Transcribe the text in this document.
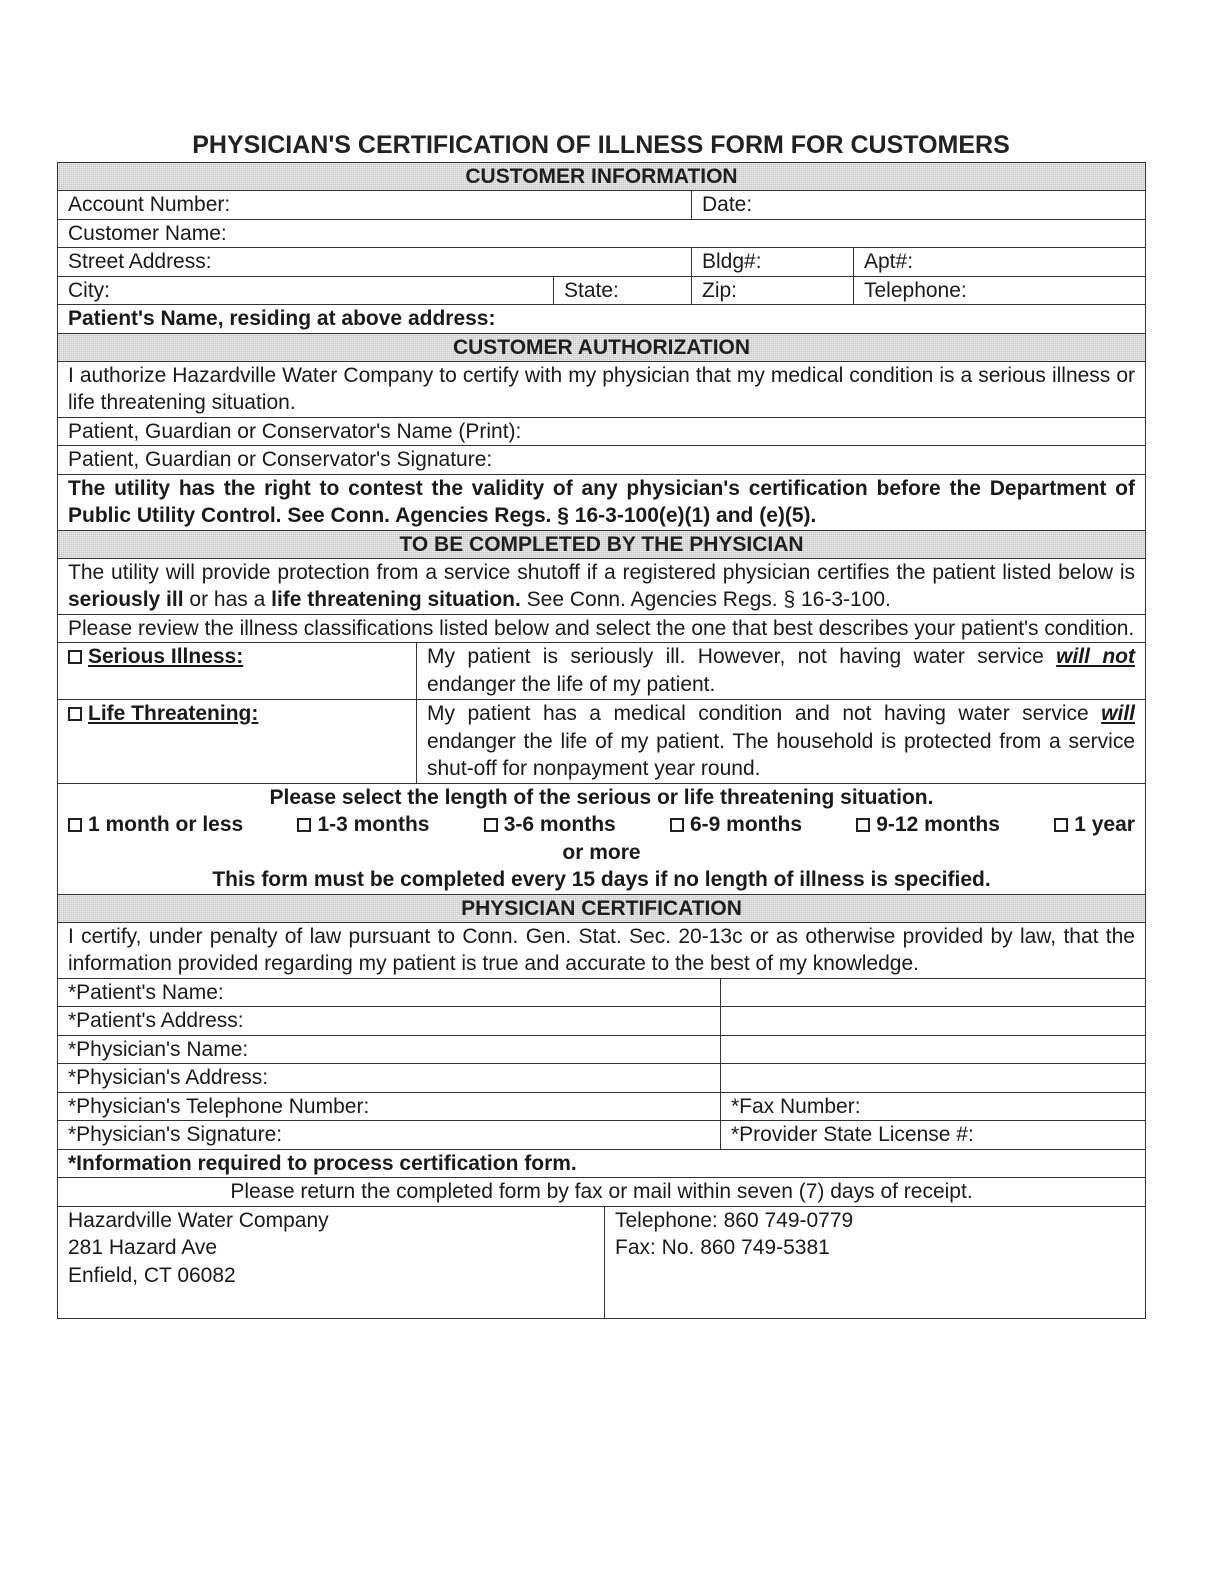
PHYSICIAN'S CERTIFICATION OF ILLNESS FORM FOR CUSTOMERS
CUSTOMER INFORMATION
Account Number:	Date:
Customer Name:
Street Address:	Bldg#:	Apt#:
City:	State:	Zip:	Telephone:
Patient's Name, residing at above address:
CUSTOMER AUTHORIZATION
I authorize Hazardville Water Company to certify with my physician that my medical condition is a serious illness or life threatening situation.
Patient, Guardian or Conservator's Name (Print):
Patient, Guardian or Conservator's Signature:
The utility has the right to contest the validity of any physician's certification before the Department of Public Utility Control. See Conn. Agencies Regs. § 16-3-100(e)(1) and (e)(5).
TO BE COMPLETED BY THE PHYSICIAN
The utility will provide protection from a service shutoff if a registered physician certifies the patient listed below is seriously ill or has a life threatening situation. See Conn. Agencies Regs. § 16-3-100.
Please review the illness classifications listed below and select the one that best describes your patient's condition.
Serious Illness:	My patient is seriously ill. However, not having water service will not endanger the life of my patient.
Life Threatening:	My patient has a medical condition and not having water service will endanger the life of my patient. The household is protected from a service shut-off for nonpayment year round.
Please select the length of the serious or life threatening situation.
1 month or less	1-3 months	3-6 months	6-9 months	9-12 months	1 year
or more
This form must be completed every 15 days if no length of illness is specified.
PHYSICIAN CERTIFICATION
I certify, under penalty of law pursuant to Conn. Gen. Stat. Sec. 20-13c or as otherwise provided by law, that the information provided regarding my patient is true and accurate to the best of my knowledge.
*Patient's Name:
*Patient's Address:
*Physician's Name:
*Physician's Address:
*Physician's Telephone Number:	*Fax Number:
*Physician's Signature:	*Provider State License #:
*Information required to process certification form.
Please return the completed form by fax or mail within seven (7) days of receipt.
Hazardville Water Company
281 Hazard Ave
Enfield, CT 06082
Telephone: 860 749-0779
Fax: No. 860 749-5381
